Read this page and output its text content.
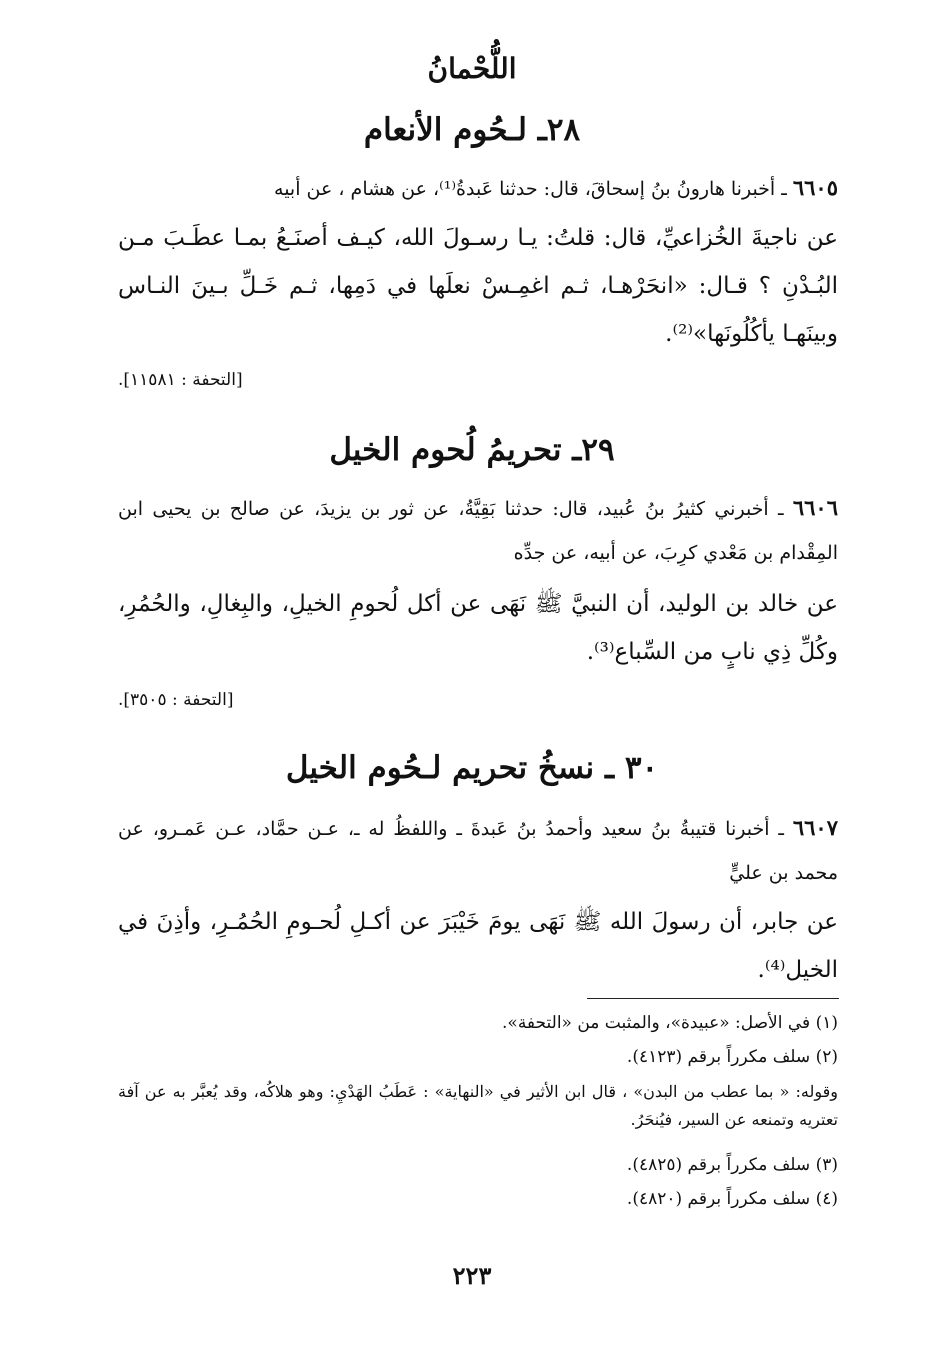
اللُّحْمانُ
٢٨ـ لـحُوم الأنعام
٦٦٠٥ ـ أخبرنا هارونُ بنُ إسحاقَ، قال: حدثنا عَبدةُ⁽¹⁾، عن هشام ، عن أبيه
عن ناجيةَ الخُزاعيِّ، قال: قلتُ: يـا رسـولَ الله، كيـف أصنَـعُ بمـا عطَـبَ مـن البُـدْنِ ؟ قـال: «انحَرْهـا، ثـم اغمِـسْ نعلَها في دَمِها، ثـم خَـلِّ بـينَ النـاس وبينَهـا يأكُلُونَها»⁽²⁾.
[التحفة : ١١٥٨١].
٢٩ـ تحريمُ لُحوم الخيل
٦٦٠٦ ـ أخبرني كثيرُ بنُ عُبيد، قال: حدثنا بَقِيَّةُ، عن ثور بن يزيدَ، عن صالح بن يحيى ابن المِقْدام بن مَعْدي كرِبَ، عن أبيه، عن جدِّه
عن خالد بن الوليد، أن النبيَّ ﷺ نَهَى عن أكل لُحومِ الخيلِ، والبِغالِ، والحُمُرِ، وكُلِّ ذِي نابٍ من السِّباع⁽³⁾.
[التحفة : ٣٥٠٥].
٣٠ ـ نسخُ تحريم لـحُوم الخيل
٦٦٠٧ ـ أخبرنا قتيبةُ بنُ سعيد وأحمدُ بنُ عَبدةَ ـ واللفظُ له ـ، عـن حمَّاد، عـن عَمـرو، عن محمد بن عليٍّ
عن جابر، أن رسولَ الله ﷺ نَهَى يومَ خَيْبَرَ عن أكـلِ لُحـومِ الحُمُـرِ، وأذِنَ في الخيل⁽⁴⁾.
(١) في الأصل: «عبيدة»، والمثبت من «التحفة».
(٢) سلف مكرراً برقم (٤١٢٣).
وقوله: « بما عطب من البدن» ، قال ابن الأثير في «النهاية» : عَطَبُ الهَدْيِ: وهو هلاكُه، وقد يُعبَّر به عن آفة تعتريه وتمنعه عن السير، فيُنحَرُ.
(٣) سلف مكرراً برقم (٤٨٢٥).
(٤) سلف مكرراً برقم (٤٨٢٠).
٢٢٣
